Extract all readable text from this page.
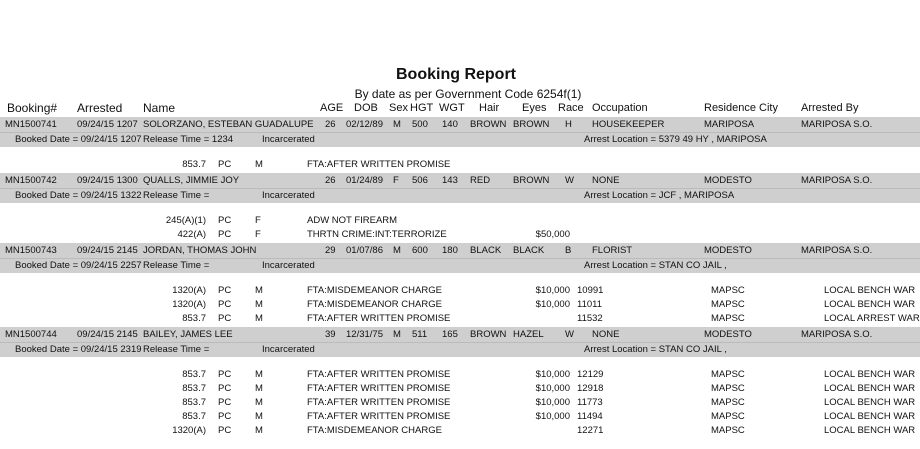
Booking Report
By date as per Government Code 6254f(1)
Booking# Arrested Name	AGE DOB Sex HGT WGT Hair Eyes Race Occupation	Residence City Arrested By
MN1500741 09/24/15 1207 SOLORZANO, ESTEBAN GUADALUPE 26 02/12/89 M 500 140 BROWN BROWN H HOUSEKEEPER	MARIPOSA	MARIPOSA S.O.
Booked Date = 09/24/15 1207 Release Time = 1234	Incarcerated	Arrest Location = 5379 49 HY , MARIPOSA
853.7 PC	M	FTA:AFTER WRITTEN PROMISE
MN1500742 09/24/15 1300 QUALLS, JIMMIE JOY	26 01/24/89 F 506 143 RED BROWN W NONE	MODESTO	MARIPOSA S.O.
Booked Date = 09/24/15 1322 Release Time =	Incarcerated	Arrest Location = JCF , MARIPOSA
245(A)(1) PC	F	ADW NOT FIREARM
422(A) PC	F	THRTN CRIME:INT:TERRORIZE	$50,000
MN1500743 09/24/15 2145 JORDAN, THOMAS JOHN	29 01/07/86 M 600 180 BLACK BLACK B FLORIST	MODESTO	MARIPOSA S.O.
Booked Date = 09/24/15 2257 Release Time =	Incarcerated	Arrest Location = STAN CO JAIL ,
1320(A) PC	M	FTA:MISDEMEANOR CHARGE	$10,000 10991	MAPSC	LOCAL BENCH WAR
1320(A) PC	M	FTA:MISDEMEANOR CHARGE	$10,000 11011	MAPSC	LOCAL BENCH WAR
853.7 PC	M	FTA:AFTER WRITTEN PROMISE	11532	MAPSC	LOCAL ARREST WAR
MN1500744 09/24/15 2145 BAILEY, JAMES LEE	39 12/31/75 M 511 165 BROWN HAZEL W NONE	MODESTO	MARIPOSA S.O.
Booked Date = 09/24/15 2319 Release Time =	Incarcerated	Arrest Location = STAN CO JAIL ,
853.7 PC	M	FTA:AFTER WRITTEN PROMISE	$10,000 12129	MAPSC	LOCAL BENCH WAR
853.7 PC	M	FTA:AFTER WRITTEN PROMISE	$10,000 12918	MAPSC	LOCAL BENCH WAR
853.7 PC	M	FTA:AFTER WRITTEN PROMISE	$10,000 11773	MAPSC	LOCAL BENCH WAR
853.7 PC	M	FTA:AFTER WRITTEN PROMISE	$10,000 11494	MAPSC	LOCAL BENCH WAR
1320(A) PC	M	FTA:MISDEMEANOR CHARGE	12271	MAPSC	LOCAL BENCH WAR
